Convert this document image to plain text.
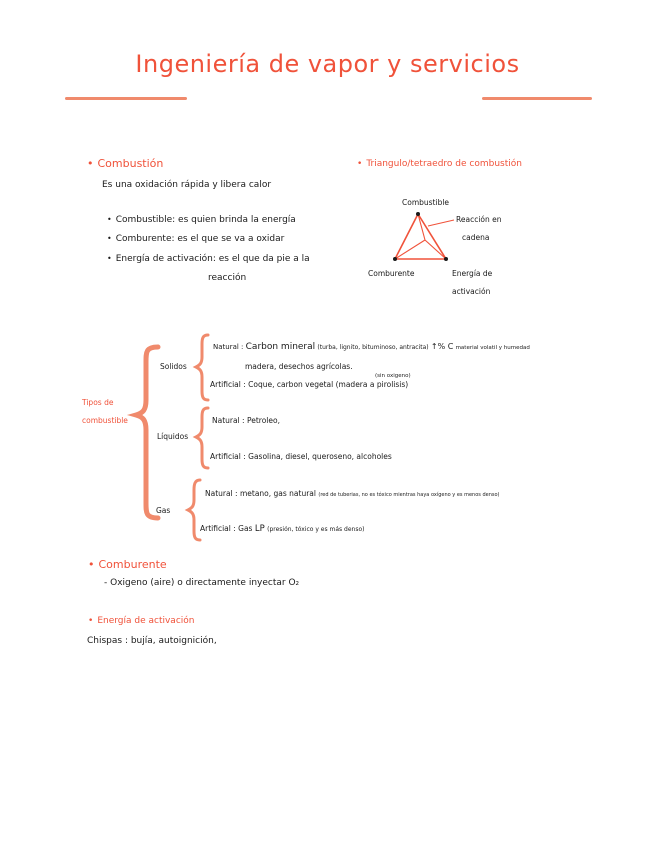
Ingeniería de vapor y servicios
• Combustión
Es una oxidación rápida y libera calor
• Combustible: es quien brinda la energía
• Comburente: es el que se va a oxidar
• Energía de activación: es el que da pie a la
reacción
• Triangulo/tetraedro de combustión
Combustible
Reacción en
cadena
Comburente	Energía de
activación
Tipos de
combustible
Solidos
Natural : Carbon mineral (turba, lignito, bituminoso, antracita) ↑% C material volatil y humedad
madera, desechos agrícolas.
(sin oxigeno)
Artificial : Coque, carbon vegetal (madera a pirolisis)
Líquidos
Natural : Petroleo,
Artificial : Gasolina, diesel, queroseno, alcoholes
Gas
Natural : metano, gas natural (red de tuberias, no es tóxico mientras haya oxígeno y es menos denso)
Artificial : Gas LP (presión, tóxico y es más denso)
• Comburente
- Oxigeno (aire) o directamente inyectar O₂
• Energía de activación
Chispas : bujía, autoignición,
